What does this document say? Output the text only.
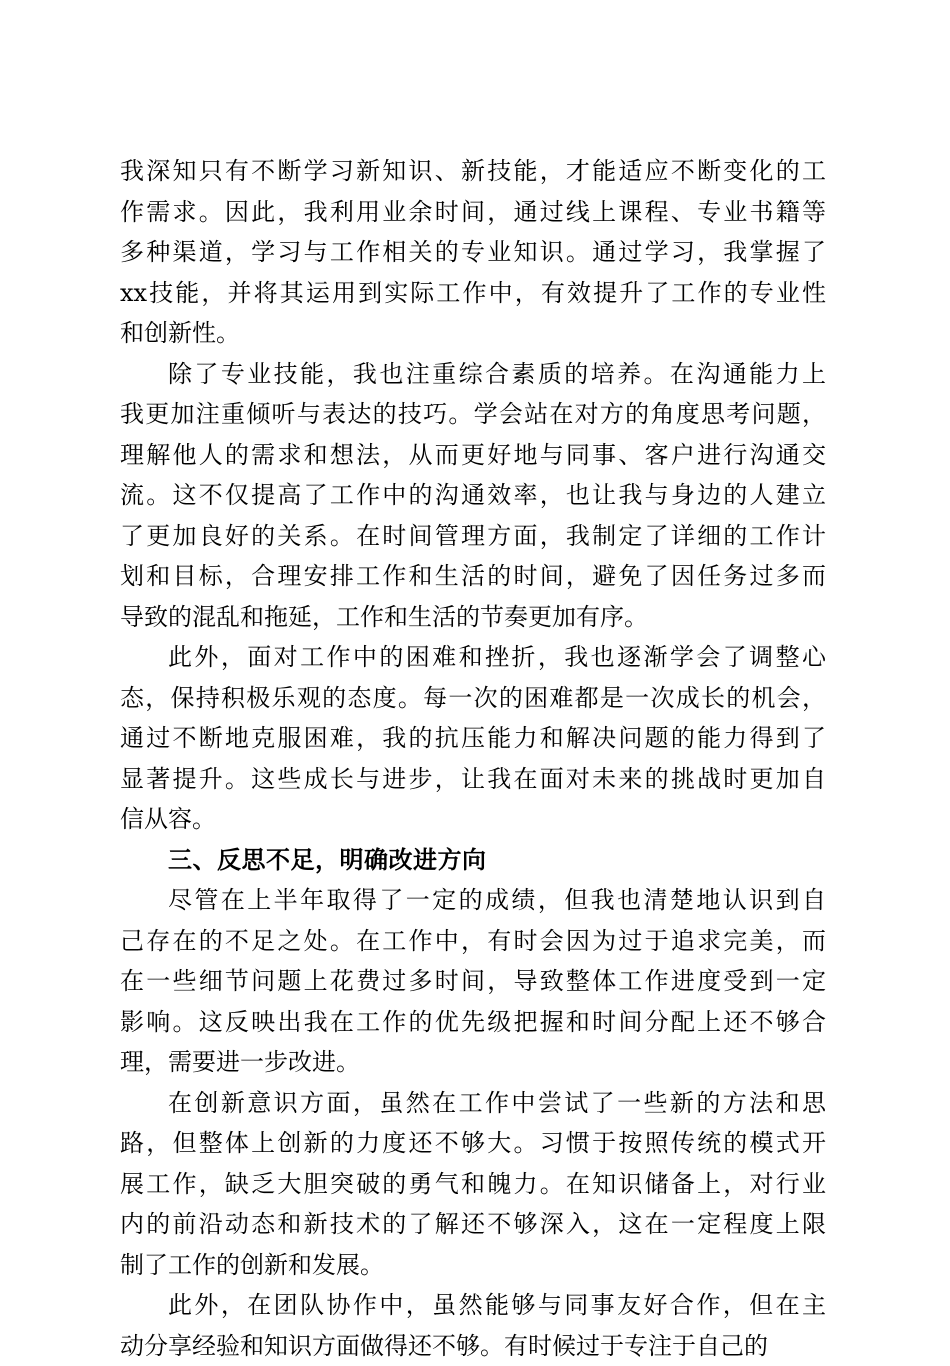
我深知只有不断学习新知识、新技能，才能适应不断变化的工
作需求。因此，我利用业余时间，通过线上课程、专业书籍等
多种渠道，学习与工作相关的专业知识。通过学习，我掌握了
xx技能，并将其运用到实际工作中，有效提升了工作的专业性
和创新性。
除了专业技能，我也注重综合素质的培养。在沟通能力上
我更加注重倾听与表达的技巧。学会站在对方的角度思考问题，
理解他人的需求和想法，从而更好地与同事、客户进行沟通交
流。这不仅提高了工作中的沟通效率，也让我与身边的人建立
了更加良好的关系。在时间管理方面，我制定了详细的工作计
划和目标，合理安排工作和生活的时间，避免了因任务过多而
导致的混乱和拖延，工作和生活的节奏更加有序。
此外，面对工作中的困难和挫折，我也逐渐学会了调整心
态，保持积极乐观的态度。每一次的困难都是一次成长的机会，
通过不断地克服困难，我的抗压能力和解决问题的能力得到了
显著提升。这些成长与进步，让我在面对未来的挑战时更加自
信从容。
三、反思不足，明确改进方向
尽管在上半年取得了一定的成绩，但我也清楚地认识到自
己存在的不足之处。在工作中，有时会因为过于追求完美，而
在一些细节问题上花费过多时间，导致整体工作进度受到一定
影响。这反映出我在工作的优先级把握和时间分配上还不够合
理，需要进一步改进。
在创新意识方面，虽然在工作中尝试了一些新的方法和思
路，但整体上创新的力度还不够大。习惯于按照传统的模式开
展工作，缺乏大胆突破的勇气和魄力。在知识储备上，对行业
内的前沿动态和新技术的了解还不够深入，这在一定程度上限
制了工作的创新和发展。
此外，在团队协作中，虽然能够与同事友好合作，但在主
动分享经验和知识方面做得还不够。有时候过于专注于自己的
